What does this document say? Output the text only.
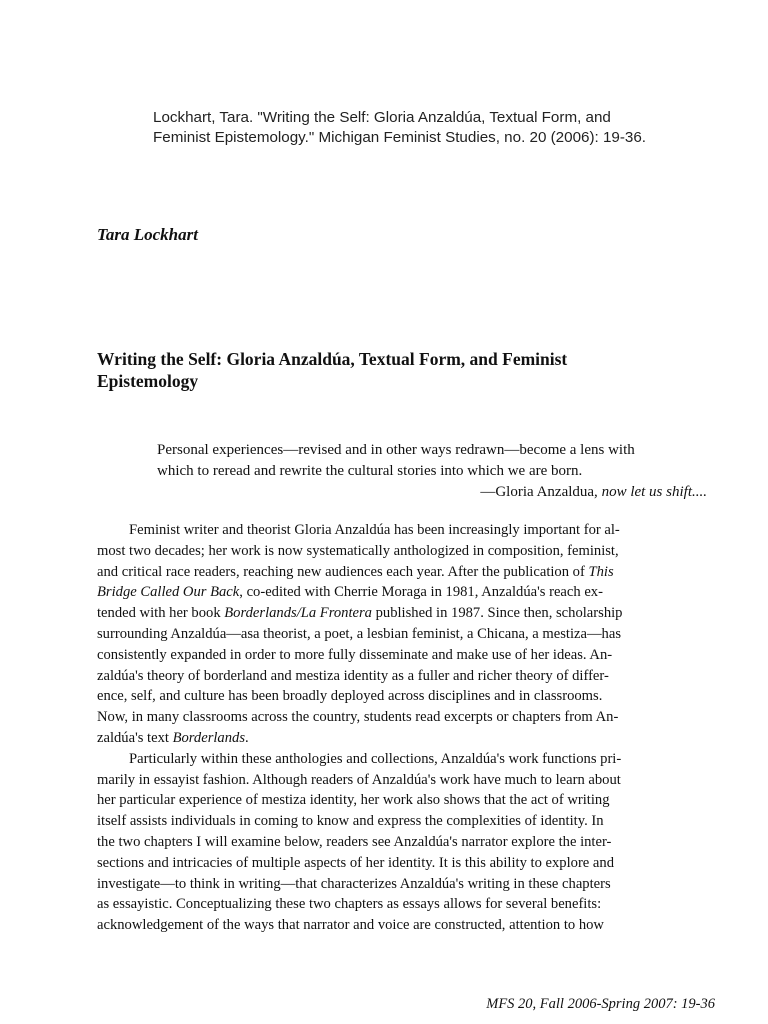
Lockhart, Tara. "Writing the Self: Gloria Anzaldúa, Textual Form, and
Feminist Epistemology." Michigan Feminist Studies, no. 20 (2006): 19-36.
Tara Lockhart
Writing the Self: Gloria Anzaldúa, Textual Form, and Feminist
Epistemology
Personal experiences—revised and in other ways redrawn—become a lens with
which to reread and rewrite the cultural stories into which we are born.
—Gloria Anzaldua, now let us shift....
Feminist writer and theorist Gloria Anzaldúa has been increasingly important for al-
most two decades; her work is now systematically anthologized in composition, feminist,
and critical race readers, reaching new audiences each year. After the publication of This
Bridge Called Our Back, co-edited with Cherrie Moraga in 1981, Anzaldúa's reach ex-
tended with her book Borderlands/La Frontera published in 1987. Since then, scholarship
surrounding Anzaldúa—asa theorist, a poet, a lesbian feminist, a Chicana, a mestiza—has
consistently expanded in order to more fully disseminate and make use of her ideas. An-
zaldúa's theory of borderland and mestiza identity as a fuller and richer theory of differ-
ence, self, and culture has been broadly deployed across disciplines and in classrooms.
Now, in many classrooms across the country, students read excerpts or chapters from An-
zaldúa's text Borderlands.
Particularly within these anthologies and collections, Anzaldúa's work functions pri-
marily in essayist fashion. Although readers of Anzaldúa's work have much to learn about
her particular experience of mestiza identity, her work also shows that the act of writing
itself assists individuals in coming to know and express the complexities of identity. In
the two chapters I will examine below, readers see Anzaldúa's narrator explore the inter-
sections and intricacies of multiple aspects of her identity. It is this ability to explore and
investigate—to think in writing—that characterizes Anzaldúa's writing in these chapters
as essayistic. Conceptualizing these two chapters as essays allows for several benefits:
acknowledgement of the ways that narrator and voice are constructed, attention to how
MFS 20, Fall 2006-Spring 2007: 19-36
